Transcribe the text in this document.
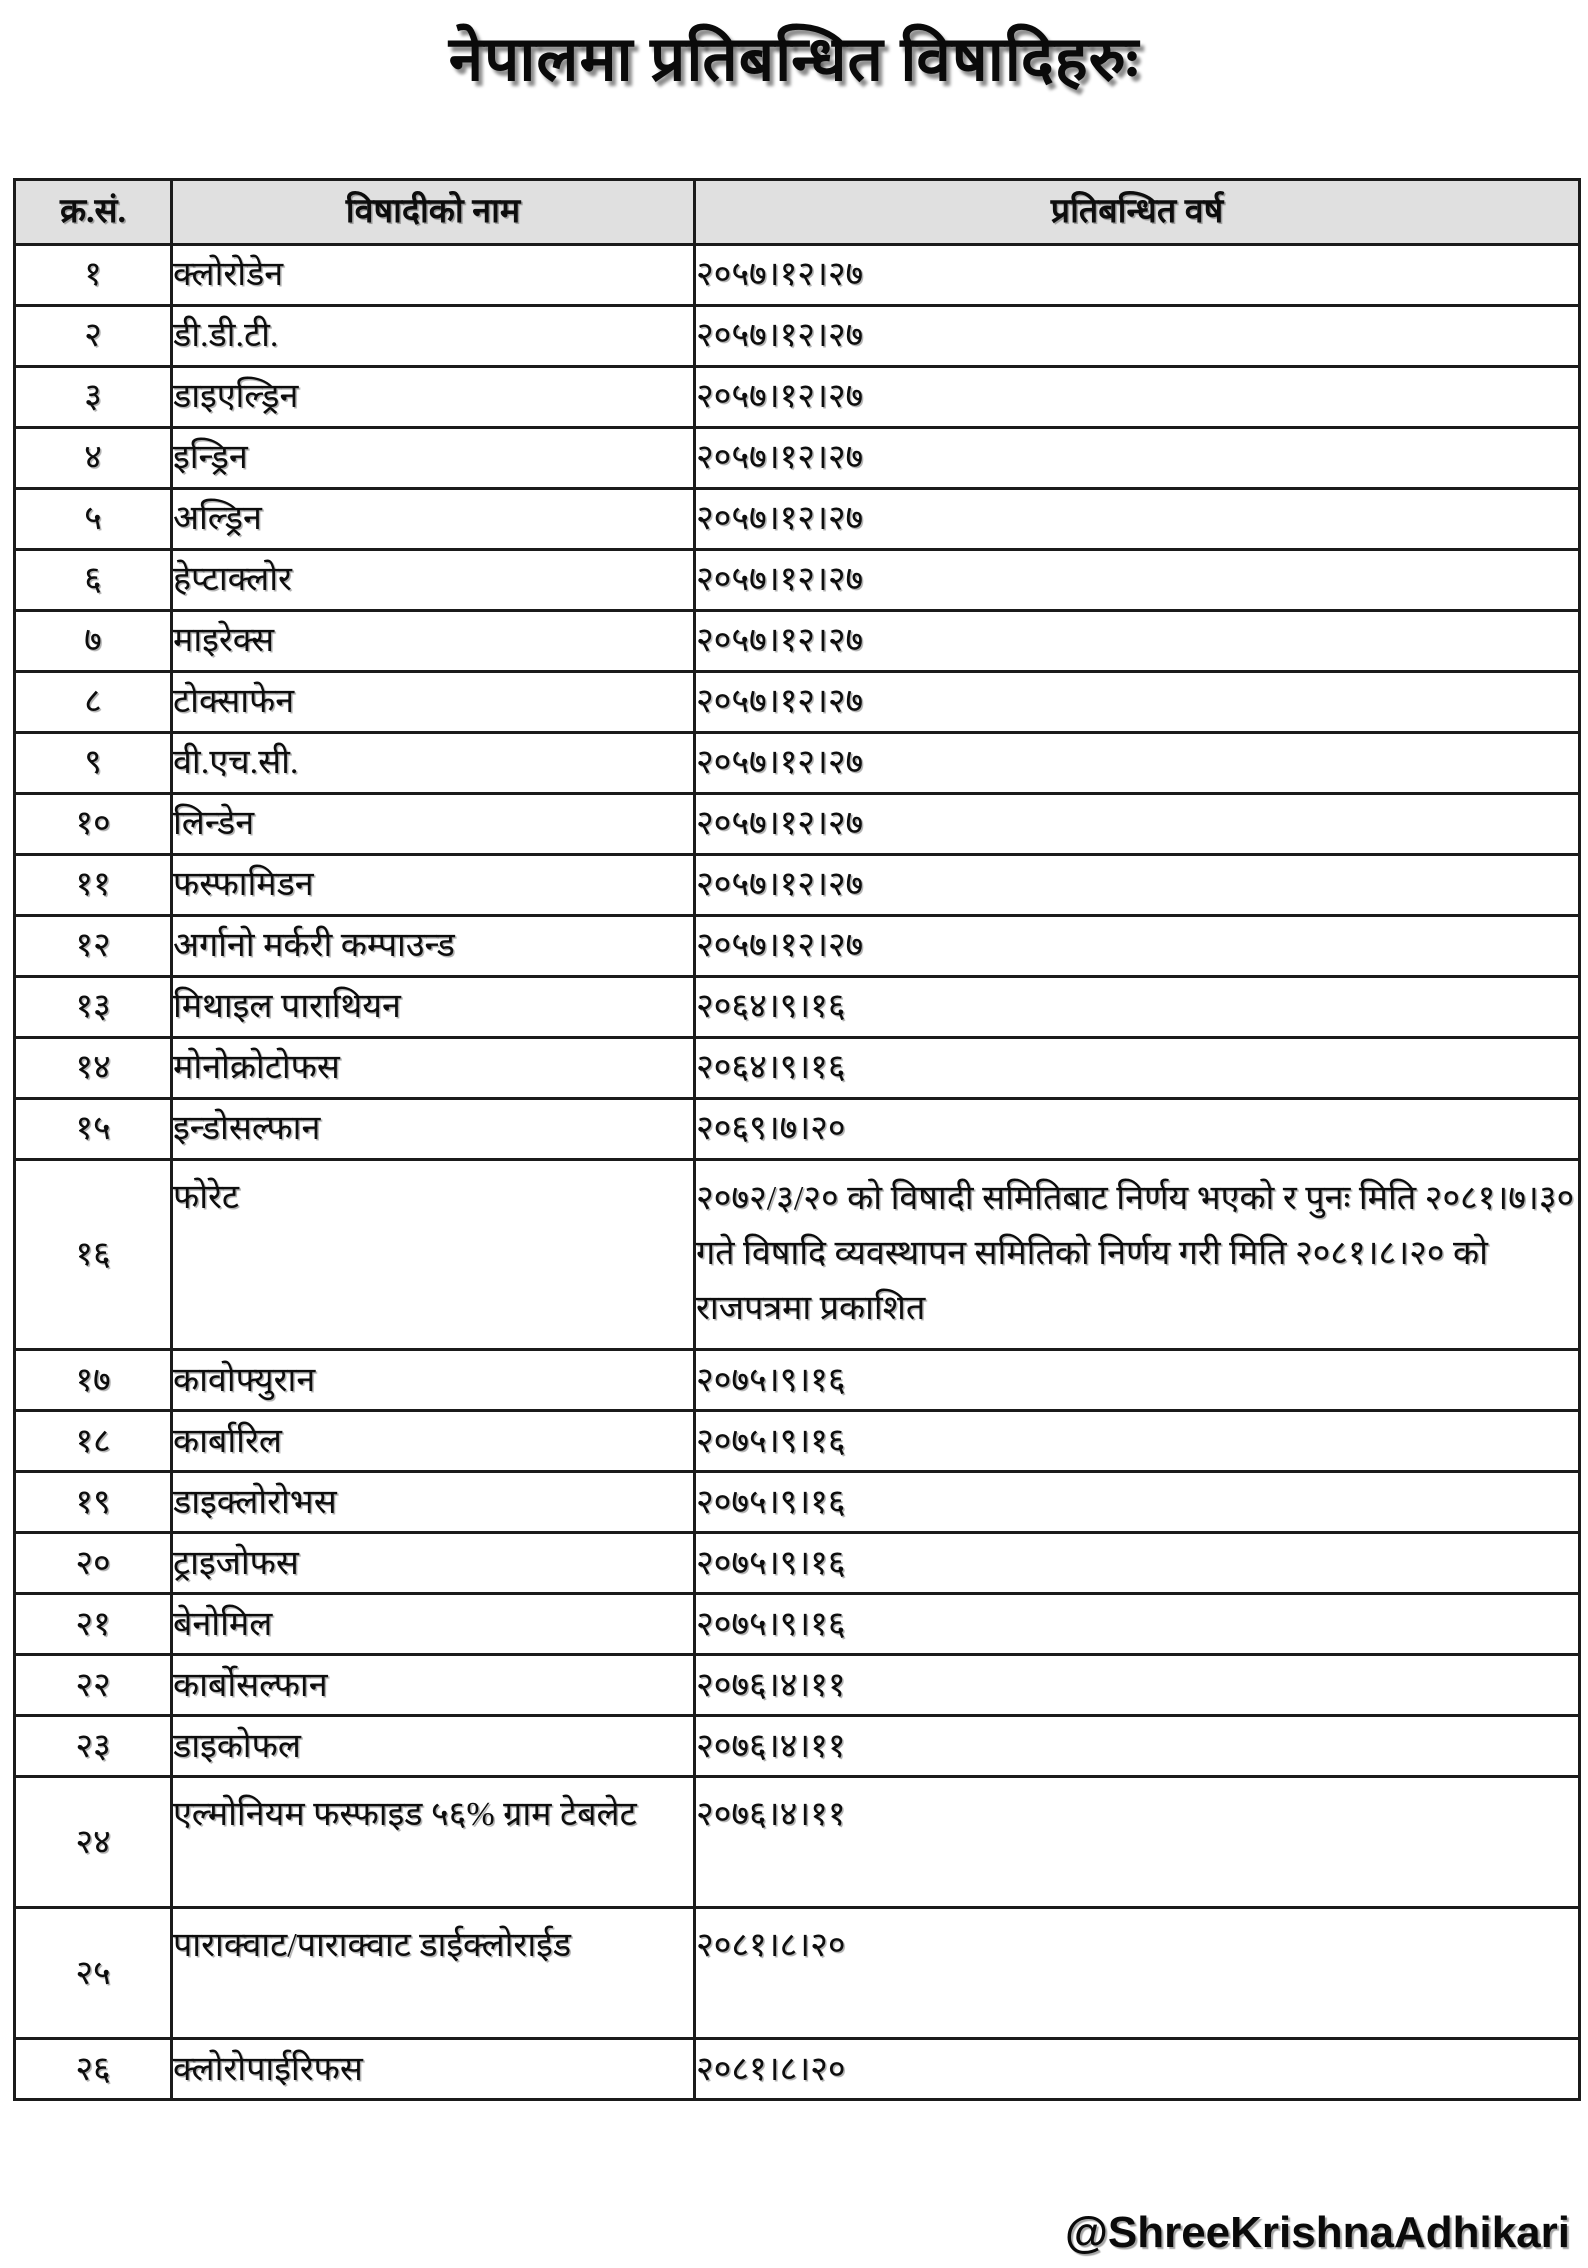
नेपालमा प्रतिबन्धित विषादिहरुः
क्र.सं.	विषादीको नाम	प्रतिबन्धित वर्ष
१	क्लोरोडेन	२०५७।१२।२७
२	डी.डी.टी.	२०५७।१२।२७
३	डाइएल्ड्रिन	२०५७।१२।२७
४	इन्ड्रिन	२०५७।१२।२७
५	अल्ड्रिन	२०५७।१२।२७
६	हेप्टाक्लोर	२०५७।१२।२७
७	माइरेक्स	२०५७।१२।२७
८	टोक्साफेन	२०५७।१२।२७
९	वी.एच.सी.	२०५७।१२।२७
१०	लिन्डेन	२०५७।१२।२७
११	फस्फामिडन	२०५७।१२।२७
१२	अर्गानो मर्करी कम्पाउन्ड	२०५७।१२।२७
१३	मिथाइल पाराथियन	२०६४।९।१६
१४	मोनोक्रोटोफस	२०६४।९।१६
१५	इन्डोसल्फान	२०६९।७।२०
१६	फोरेट	२०७२/३/२० को विषादी समितिबाट निर्णय भएको र पुनः मिति २०८१।७।३० गते विषादि व्यवस्थापन समितिको निर्णय गरी मिति २०८१।८।२० को राजपत्रमा प्रकाशित
१७	कावोफ्युरान	२०७५।९।१६
१८	कार्बारिल	२०७५।९।१६
१९	डाइक्लोरोभस	२०७५।९।१६
२०	ट्राइजोफस	२०७५।९।१६
२१	बेनोमिल	२०७५।९।१६
२२	कार्बोसल्फान	२०७६।४।११
२३	डाइकोफल	२०७६।४।११
२४	एल्मोनियम फस्फाइड ५६% ग्राम टेबलेट	२०७६।४।११
२५	पाराक्वाट/पाराक्वाट डाईक्लोराईड	२०८१।८।२०
२६	क्लोरोपाईरिफस	२०८१।८।२०
@ShreeKrishnaAdhikari
